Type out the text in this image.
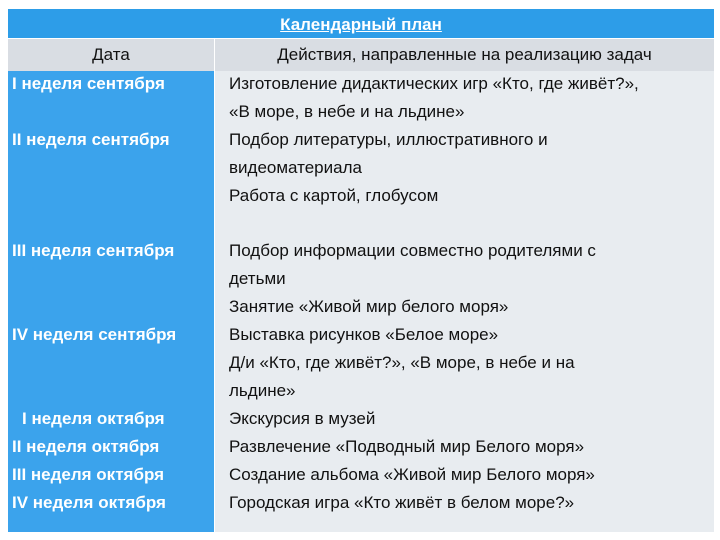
Календарный план
Дата	Действия, направленные на реализацию задач
I неделя сентября
II неделя сентября
III неделя сентября
IV неделя сентября
I неделя октября
II неделя октября
III неделя октября
IV неделя октября
Изготовление дидактических игр «Кто, где живёт?»,
«В море, в небе и на льдине»
Подбор литературы, иллюстративного и
видеоматериала
Работа с картой, глобусом
Подбор информации совместно родителями с
детьми
Занятие «Живой мир белого моря»
Выставка рисунков «Белое море»
Д/и «Кто, где живёт?», «В море, в небе и на
льдине»
Экскурсия в музей
Развлечение «Подводный мир Белого моря»
Создание альбома «Живой мир Белого моря»
Городская игра «Кто живёт в белом море?»
